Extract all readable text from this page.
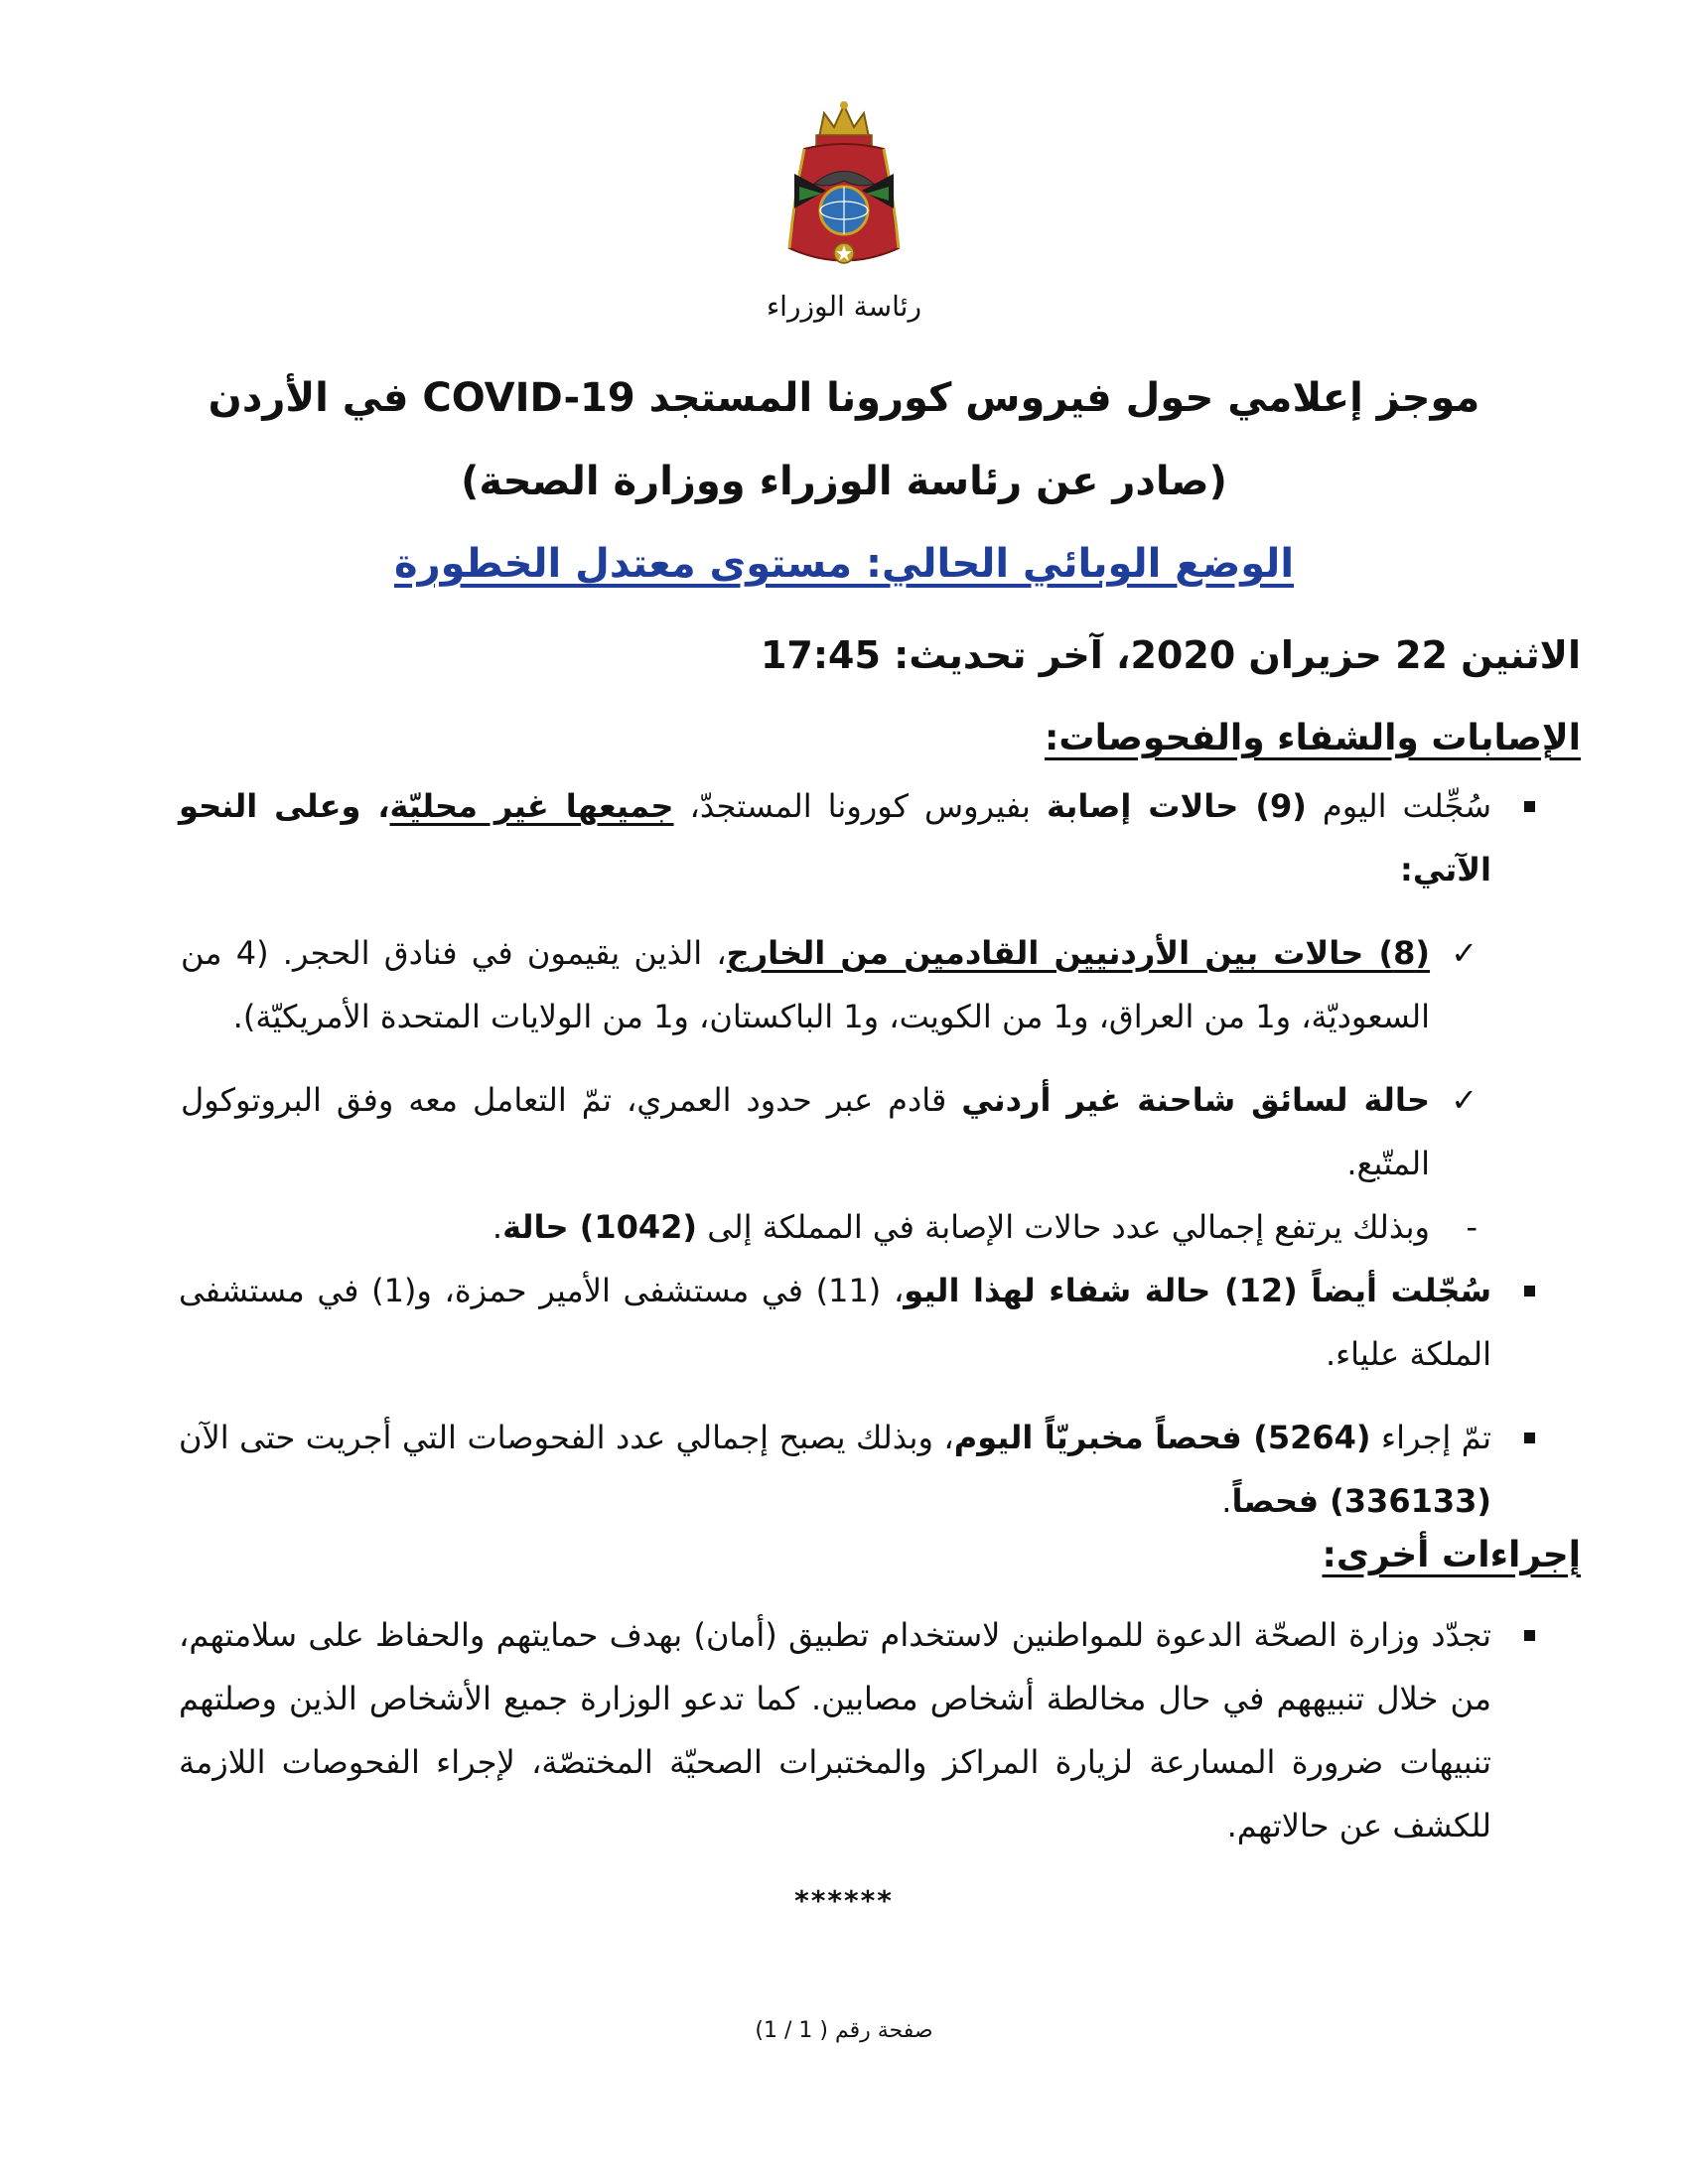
رئاسة الوزراء
موجز إعلامي حول فيروس كورونا المستجد COVID-19 في الأردن
(صادر عن رئاسة الوزراء ووزارة الصحة)
الوضع الوبائي الحالي: مستوى معتدل الخطورة
الاثنين 22 حزيران 2020، آخر تحديث: 17:45
الإصابات والشفاء والفحوصات:
سُجِّلت اليوم (9) حالات إصابة بفيروس كورونا المستجدّ، جميعها غير محليّة، وعلى النحو الآتي:
✓
(8) حالات بين الأردنيين القادمين من الخارج، الذين يقيمون في فنادق الحجر. (4 من السعوديّة، و1 من العراق، و1 من الكويت، و1 الباكستان، و1 من الولايات المتحدة الأمريكيّة).
✓
حالة لسائق شاحنة غير أردني قادم عبر حدود العمري، تمّ التعامل معه وفق البروتوكول المتّبع.
-
وبذلك يرتفع إجمالي عدد حالات الإصابة في المملكة إلى (1042) حالة.
سُجّلت أيضاً (12) حالة شفاء لهذا اليو، (11) في مستشفى الأمير حمزة، و(1) في مستشفى الملكة علياء.
تمّ إجراء (5264) فحصاً مخبريّاً اليوم، وبذلك يصبح إجمالي عدد الفحوصات التي أجريت حتى الآن (336133) فحصاً.
إجراءات أخرى:
تجدّد وزارة الصحّة الدعوة للمواطنين لاستخدام تطبيق (أمان) بهدف حمايتهم والحفاظ على سلامتهم، من خلال تنبيههم في حال مخالطة أشخاص مصابين. كما تدعو الوزارة جميع الأشخاص الذين وصلتهم تنبيهات ضرورة المسارعة لزيارة المراكز والمختبرات الصحيّة المختصّة، لإجراء الفحوصات اللازمة للكشف عن حالاتهم.
******
صفحة رقم ( 1 / 1)
